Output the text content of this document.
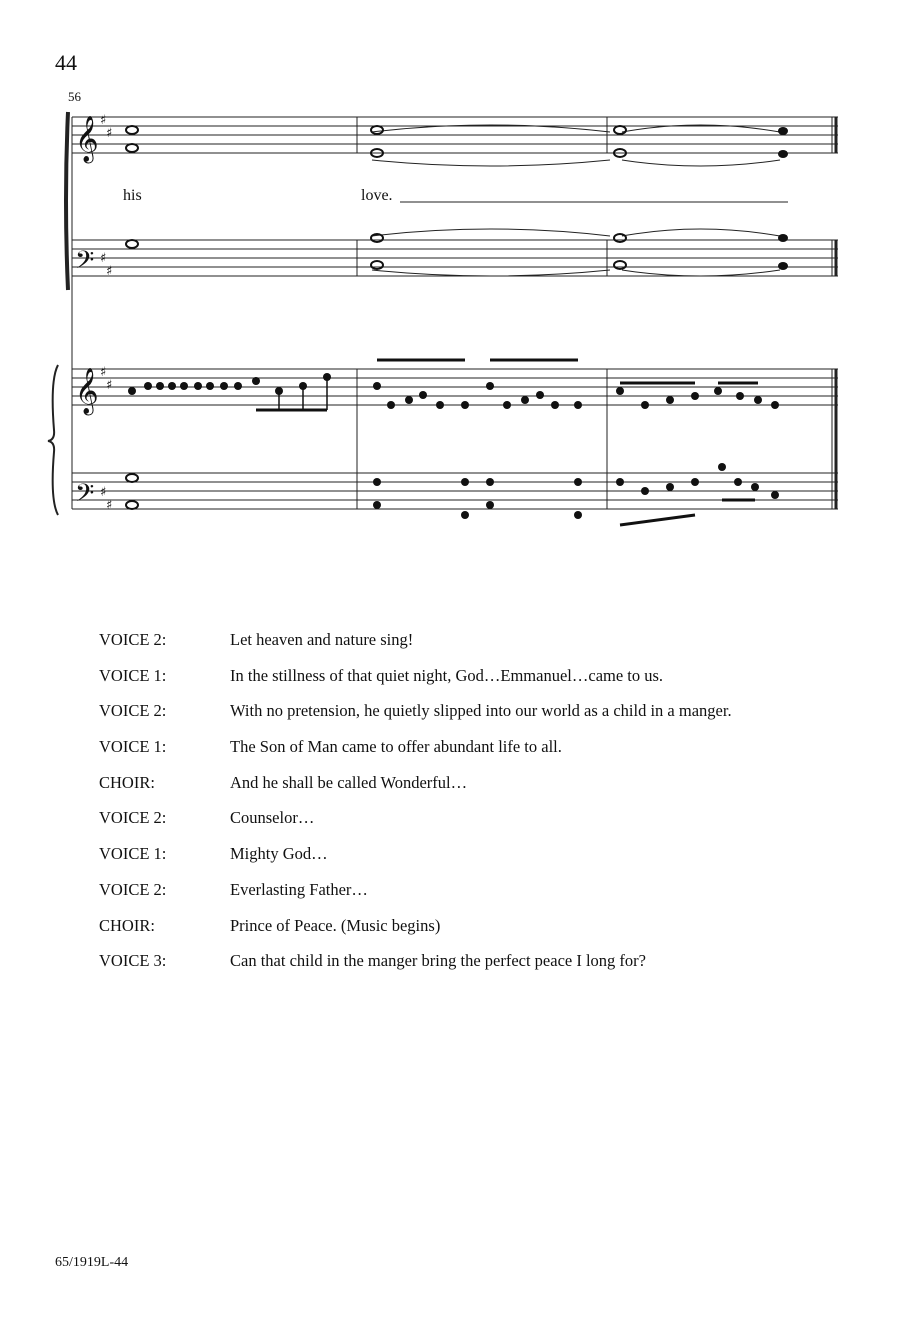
44
56
𝄞
𝄢
𝄞
𝄢
♯
♯
♯
♯
♯
♯
♯
♯
his	love.
VOICE 2:	Let heaven and nature sing!
VOICE 1:	In the stillness of that quiet night, God…Emmanuel…came to us.
VOICE 2:	With no pretension, he quietly slipped into our world as a child in a manger.
VOICE 1:	The Son of Man came to offer abundant life to all.
CHOIR:	And he shall be called Wonderful…
VOICE 2:	Counselor…
VOICE 1:	Mighty God…
VOICE 2:	Everlasting Father…
CHOIR:	Prince of Peace. (Music begins)
VOICE 3:	Can that child in the manger bring the perfect peace I long for?
65/1919L-44
